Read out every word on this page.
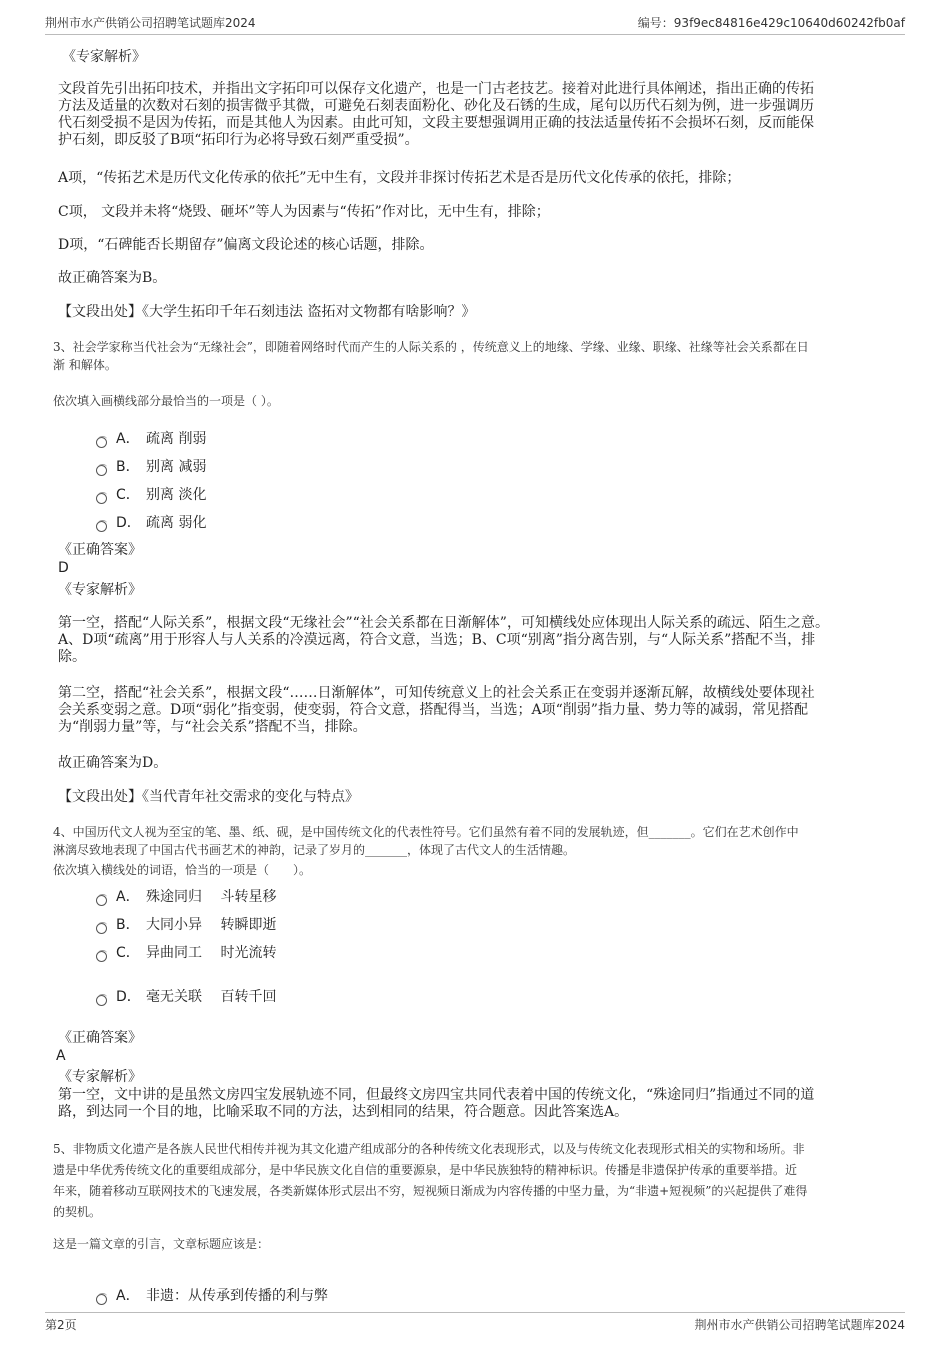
荆州市水产供销公司招聘笔试题库2024	编号：93f9ec84816e429c10640d60242fb0af
《专家解析》

文段首先引出拓印技术，并指出文字拓印可以保存文化遗产，也是一门古老技艺。接着对此进行具体阐述，指出正确的传拓

方法及适量的次数对石刻的损害微乎其微，可避免石刻表面粉化、砂化及石锈的生成，尾句以历代石刻为例，进一步强调历

代石刻受损不是因为传拓，而是其他人为因素。由此可知，文段主要想强调用正确的技法适量传拓不会损坏石刻，反而能保

护石刻，即反驳了B项“拓印行为必将导致石刻严重受损”。

A项，“传拓艺术是历代文化传承的依托”无中生有，文段并非探讨传拓艺术是否是历代文化传承的依托，排除；
C项， 文段并未将“烧毁、砸坏”等人为因素与“传拓”作对比，无中生有，排除；
D项，“石碑能否长期留存”偏离文段论述的核心话题，排除。
故正确答案为B。
【文段出处】《大学生拓印千年石刻违法 盗拓对文物都有啥影响？》
3、社会学家称当代社会为“无缘社会”，即随着网络时代而产生的人际关系的 ，传统意义上的地缘、学缘、业缘、职缘、社缘等社会关系都在日
渐 和解体。
依次填入画横线部分最恰当的一项是（ ）。
A． 疏离 削弱
B． 别离 减弱
C． 别离 淡化
D． 疏离 弱化
《正确答案》
D
《专家解析》

第一空，搭配“人际关系”，根据文段“无缘社会”“社会关系都在日渐解体”，可知横线处应体现出人际关系的疏远、陌生之意。

A、D项“疏离”用于形容人与人关系的冷漠远离，符合文意，当选；B、C项“别离”指分离告别，与“人际关系”搭配不当，排

除。

第二空，搭配“社会关系”，根据文段“……日渐解体”，可知传统意义上的社会关系正在变弱并逐渐瓦解，故横线处要体现社

会关系变弱之意。D项“弱化”指变弱，使变弱，符合文意，搭配得当，当选；A项“削弱”指力量、势力等的减弱，常见搭配

为“削弱力量”等，与“社会关系”搭配不当，排除。

故正确答案为D。
【文段出处】《当代青年社交需求的变化与特点》
4、中国历代文人视为至宝的笔、墨、纸、砚，是中国传统文化的代表性符号。它们虽然有着不同的发展轨迹，但_______。它们在艺术创作中
淋漓尽致地表现了中国古代书画艺术的神韵，记录了岁月的_______，体现了古代文人的生活情趣。
依次填入横线处的词语，恰当的一项是（　　）。
A． 殊途同归　 斗转星移
B． 大同小异　 转瞬即逝
C． 异曲同工　 时光流转
D． 毫无关联　 百转千回
《正确答案》
A
《专家解析》

第一空，文中讲的是虽然文房四宝发展轨迹不同，但最终文房四宝共同代表着中国的传统文化，“殊途同归”指通过不同的道

路，到达同一个目的地，比喻采取不同的方法，达到相同的结果，符合题意。因此答案选A。

5、非物质文化遗产是各族人民世代相传并视为其文化遗产组成部分的各种传统文化表现形式，以及与传统文化表现形式相关的实物和场所。非
遗是中华优秀传统文化的重要组成部分，是中华民族文化自信的重要源泉，是中华民族独特的精神标识。传播是非遗保护传承的重要举措。近
年来，随着移动互联网技术的飞速发展，各类新媒体形式层出不穷，短视频日渐成为内容传播的中坚力量，为“非遗+短视频”的兴起提供了难得
的契机。
这是一篇文章的引言，文章标题应该是：
A． 非遗：从传承到传播的利与弊
第2页	荆州市水产供销公司招聘笔试题库2024
